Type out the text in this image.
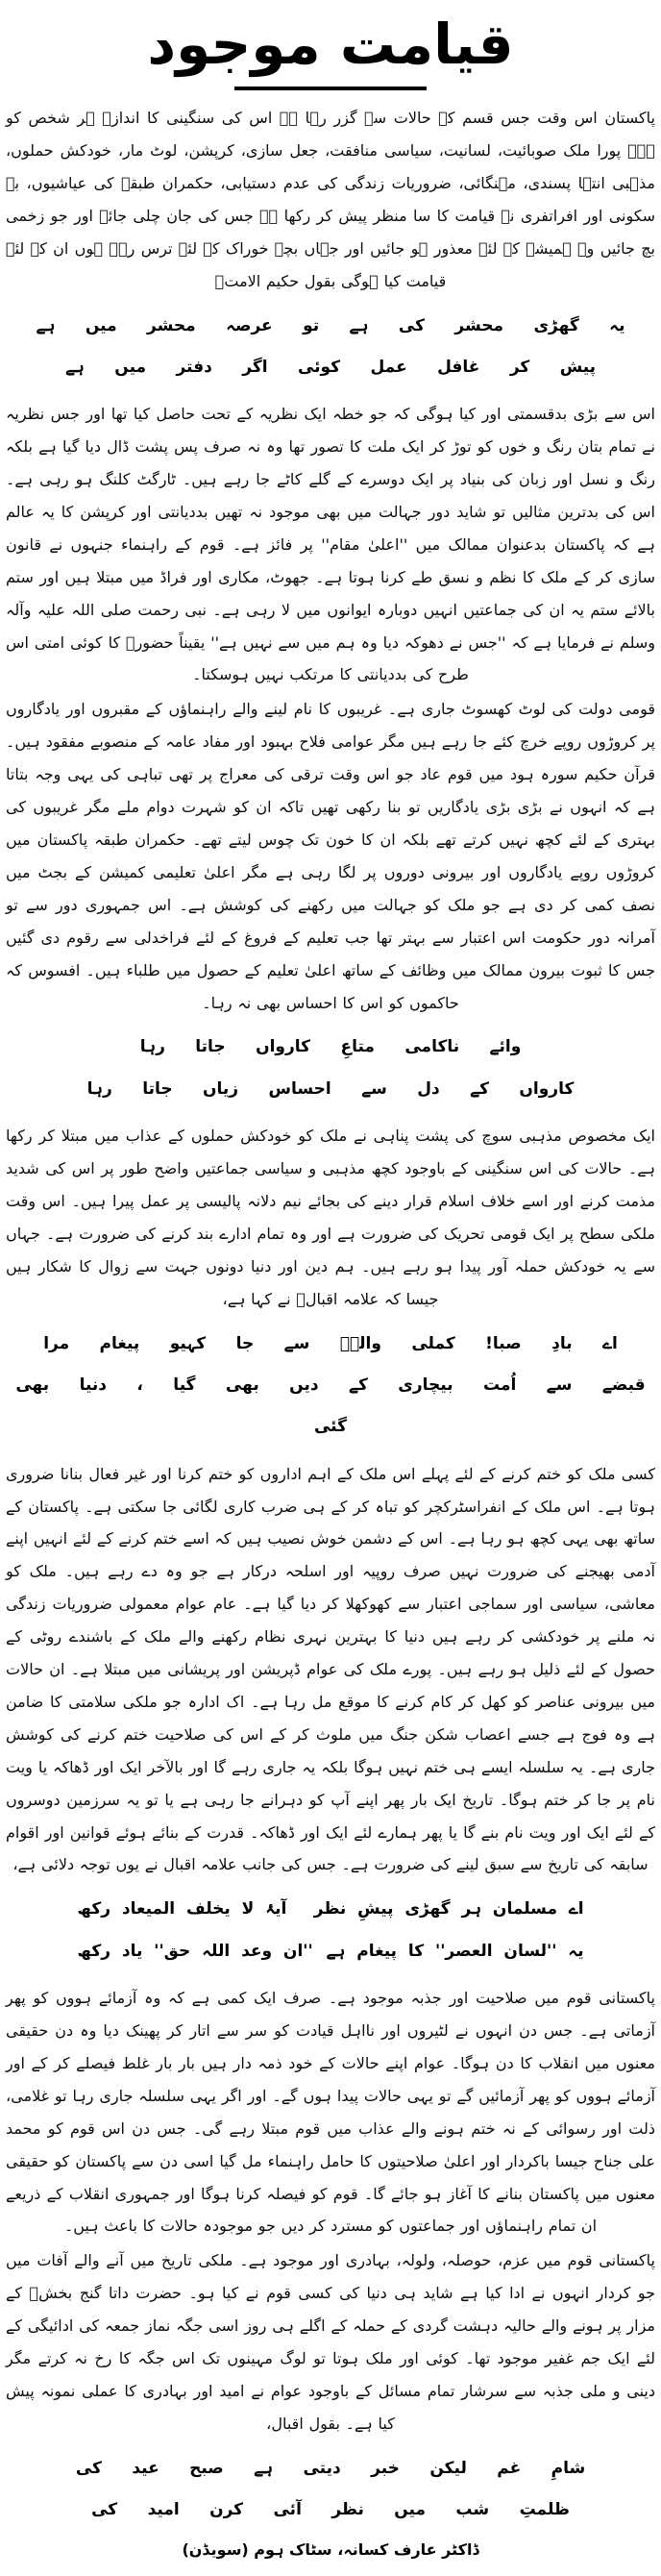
قیامت موجود

پاکستان اس وقت جس قسم کے حالات سے گزر رہا ہے اس کی سنگینی کا اندازہ ہر شخص کو ہے۔ پورا ملک صوبائیت، لسانیت، سیاسی منافقت، جعل سازی، کرپشن، لوٹ مار، خودکش حملوں، مذہبی انتہا پسندی، مہنگائی، ضروریات زندگی کی عدم دستیابی، حکمران طبقہ کی عیاشیوں، بے سکونی اور افراتفری نے قیامت کا سا منظر پیش کر رکھا ہے جس کی جان چلی جائے اور جو زخمی بچ جائیں وہ ہمیشہ کے لئے معذور ہو جائیں اور جہاں بچے خوراک کے لئے ترس رہے ہوں ان کے لئے قیامت کیا ہوگی بقول حکیم الامتؒ

یہ گھڑی محشر کی ہے تو عرصہ محشر میں ہے
پیش کر غافل عمل کوئی اگر دفتر میں ہے

اس سے بڑی بدقسمتی اور کیا ہوگی کہ جو خطہ ایک نظریہ کے تحت حاصل کیا تھا اور جس نظریہ نے تمام بتان رنگ و خوں کو توڑ کر ایک ملت کا تصور تھا وہ نہ صرف پس پشت ڈال دیا گیا ہے بلکہ رنگ و نسل اور زبان کی بنیاد پر ایک دوسرے کے گلے کاٹے جا رہے ہیں۔ ٹارگٹ کلنگ ہو رہی ہے۔ اس کی بدترین مثالیں تو شاید دور جہالت میں بھی موجود نہ تھیں بددیانتی اور کرپشن کا یہ عالم ہے کہ پاکستان بدعنوان ممالک میں ''اعلیٰ مقام'' پر فائز ہے۔ قوم کے راہنماء جنہوں نے قانون سازی کر کے ملک کا نظم و نسق طے کرنا ہوتا ہے۔ جھوٹ، مکاری اور فراڈ میں مبتلا ہیں اور ستم بالائے ستم یہ ان کی جماعتیں انہیں دوبارہ ایوانوں میں لا رہی ہے۔ نبی رحمت صلی اللہ علیہ وآلہ وسلم نے فرمایا ہے کہ ''جس نے دھوکہ دیا وہ ہم میں سے نہیں ہے'' یقیناً حضورؐ کا کوئی امتی اس طرح کی بددیانتی کا مرتکب نہیں ہوسکتا۔

قومی دولت کی لوٹ کھسوٹ جاری ہے۔ غریبوں کا نام لینے والے راہنماؤں کے مقبروں اور یادگاروں پر کروڑوں روپے خرچ کئے جا رہے ہیں مگر عوامی فلاح بہبود اور مفاد عامہ کے منصوبے مفقود ہیں۔ قرآن حکیم سورہ ہود میں قوم عاد جو اس وقت ترقی کی معراج پر تھی تباہی کی یہی وجہ بتاتا ہے کہ انہوں نے بڑی بڑی یادگاریں تو بنا رکھی تھیں تاکہ ان کو شہرت دوام ملے مگر غریبوں کی بہتری کے لئے کچھ نہیں کرتے تھے بلکہ ان کا خون تک چوس لیتے تھے۔ حکمران طبقہ پاکستان میں کروڑوں روپے یادگاروں اور بیرونی دوروں پر لگا رہی ہے مگر اعلیٰ تعلیمی کمیشن کے بجٹ میں نصف کمی کر دی ہے جو ملک کو جہالت میں رکھنے کی کوشش ہے۔ اس جمہوری دور سے تو آمرانہ دور حکومت اس اعتبار سے بہتر تھا جب تعلیم کے فروغ کے لئے فراخدلی سے رقوم دی گئیں جس کا ثبوت بیرون ممالک میں وظائف کے ساتھ اعلیٰ تعلیم کے حصول میں طلباء ہیں۔ افسوس کہ حاکموں کو اس کا احساس بھی نہ رہا۔

وائے ناکامی متاعِ کارواں جاتا رہا
کارواں کے دل سے احساس زیاں جاتا رہا

ایک مخصوص مذہبی سوچ کی پشت پناہی نے ملک کو خودکش حملوں کے عذاب میں مبتلا کر رکھا ہے۔ حالات کی اس سنگینی کے باوجود کچھ مذہبی و سیاسی جماعتیں واضح طور پر اس کی شدید مذمت کرنے اور اسے خلاف اسلام قرار دینے کی بجائے نیم دلانہ پالیسی پر عمل پیرا ہیں۔ اس وقت ملکی سطح پر ایک قومی تحریک کی ضرورت ہے اور وہ تمام ادارے بند کرنے کی ضرورت ہے۔ جہاں سے یہ خودکش حملہ آور پیدا ہو رہے ہیں۔ ہم دین اور دنیا دونوں جہت سے زوال کا شکار ہیں جیسا کہ علامہ اقبالؒ نے کہا ہے،

اے بادِ صبا! کملی والےؐ سے جا کہیو پیغام مرا
قبضے سے اُمت بیچاری کے دیں بھی گیا ، دنیا بھی گئی

کسی ملک کو ختم کرنے کے لئے پہلے اس ملک کے اہم اداروں کو ختم کرنا اور غیر فعال بنانا ضروری ہوتا ہے۔ اس ملک کے انفراسٹرکچر کو تباہ کر کے ہی ضرب کاری لگائی جا سکتی ہے۔ پاکستان کے ساتھ بھی یہی کچھ ہو رہا ہے۔ اس کے دشمن خوش نصیب ہیں کہ اسے ختم کرنے کے لئے انہیں اپنے آدمی بھیجنے کی ضرورت نہیں صرف روپیہ اور اسلحہ درکار ہے جو وہ دے رہے ہیں۔ ملک کو معاشی، سیاسی اور سماجی اعتبار سے کھوکھلا کر دیا گیا ہے۔ عام عوام معمولی ضروریات زندگی نہ ملنے پر خودکشی کر رہے ہیں دنیا کا بہترین نہری نظام رکھنے والے ملک کے باشندے روٹی کے حصول کے لئے ذلیل ہو رہے ہیں۔ پورے ملک کی عوام ڈپریشن اور پریشانی میں مبتلا ہے۔ ان حالات میں بیرونی عناصر کو کھل کر کام کرنے کا موقع مل رہا ہے۔ اک ادارہ جو ملکی سلامتی کا ضامن ہے وہ فوج ہے جسے اعصاب شکن جنگ میں ملوث کر کے اس کی صلاحیت ختم کرنے کی کوشش جاری ہے۔ یہ سلسلہ ایسے ہی ختم نہیں ہوگا بلکہ یہ جاری رہے گا اور بالآخر ایک اور ڈھاکہ یا ویت نام پر جا کر ختم ہوگا۔ تاریخ ایک بار پھر اپنے آپ کو دہرانے جا رہی ہے یا تو یہ سرزمین دوسروں کے لئے ایک اور ویت نام بنے گا یا پھر ہمارے لئے ایک اور ڈھاکہ۔ قدرت کے بنائے ہوئے قوانین اور اقوام سابقہ کی تاریخ سے سبق لینے کی ضرورت ہے۔ جس کی جانب علامہ اقبال نے یوں توجہ دلائی ہے،

اے مسلمان ہر گھڑی پیشِ نظر
آیۂ لا یخلف المیعاد رکھ
یہ ''لسان العصر'' کا پیغام ہے
''ان وعد اللہ حق'' یاد رکھ

پاکستانی قوم میں صلاحیت اور جذبہ موجود ہے۔ صرف ایک کمی ہے کہ وہ آزمائے ہووں کو پھر آزماتی ہے۔ جس دن انہوں نے لٹیروں اور نااہل قیادت کو سر سے اتار کر پھینک دیا وہ دن حقیقی معنوں میں انقلاب کا دن ہوگا۔ عوام اپنے حالات کے خود ذمہ دار ہیں بار بار غلط فیصلے کر کے اور آزمائے ہووں کو پھر آزمائیں گے تو یہی حالات پیدا ہوں گے۔ اور اگر یہی سلسلہ جاری رہا تو غلامی، ذلت اور رسوائی کے نہ ختم ہونے والے عذاب میں قوم مبتلا رہے گی۔ جس دن اس قوم کو محمد علی جناح جیسا باکردار اور اعلیٰ صلاحیتوں کا حامل راہنماء مل گیا اسی دن سے پاکستان کو حقیقی معنوں میں پاکستان بنانے کا آغاز ہو جائے گا۔ قوم کو فیصلہ کرنا ہوگا اور جمہوری انقلاب کے ذریعے ان تمام راہنماؤں اور جماعتوں کو مسترد کر دیں جو موجودہ حالات کا باعث ہیں۔

پاکستانی قوم میں عزم، حوصلہ، ولولہ، بہادری اور موجود ہے۔ ملکی تاریخ میں آنے والے آفات میں جو کردار انہوں نے ادا کیا ہے شاید ہی دنیا کی کسی قوم نے کیا ہو۔ حضرت داتا گنج بخشؒ کے مزار پر ہونے والے حالیہ دہشت گردی کے حملہ کے اگلے ہی روز اسی جگہ نماز جمعہ کی ادائیگی کے لئے ایک جم غفیر موجود تھا۔ کوئی اور ملک ہوتا تو لوگ مہینوں تک اس جگہ کا رخ نہ کرتے مگر دینی و ملی جذبہ سے سرشار تمام مسائل کے باوجود عوام نے امید اور بہادری کا عملی نمونہ پیش کیا ہے۔ بقول اقبال،

شامِ غم لیکن خبر دیتی ہے صبح عید کی
ظلمتِ شب میں نظر آئی کرن امید کی
ڈاکٹر عارف کسانہ، سٹاک ہوم (سویڈن)
